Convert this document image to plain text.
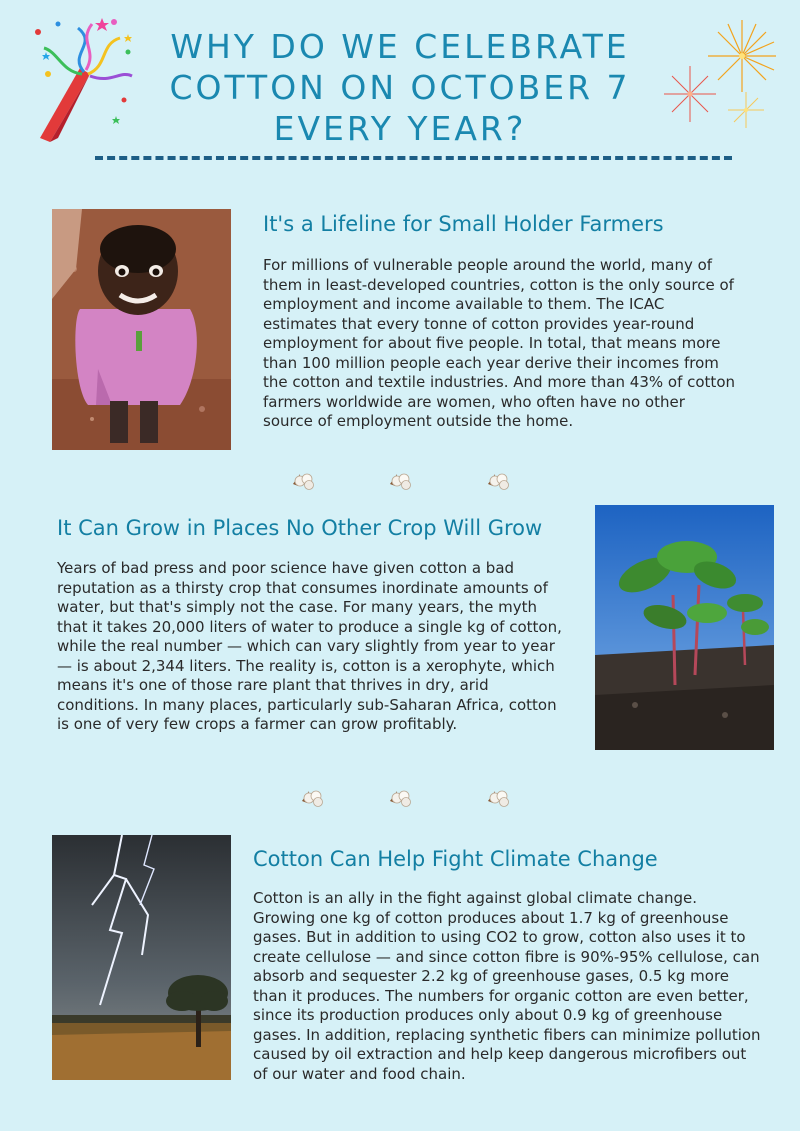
WHY DO WE CELEBRATE
COTTON ON OCTOBER 7
EVERY YEAR?
It's a Lifeline for Small Holder Farmers

For millions of vulnerable people around the world, many of them in least-developed countries, cotton is the only source of employment and income available to them. The ICAC estimates that every tonne of cotton provides year-round employment for about five people. In total, that means more than 100 million people each year derive their incomes from the cotton and textile industries. And more than 43% of cotton farmers worldwide are women, who often have no other source of employment outside the home.

It Can Grow in Places No Other Crop Will Grow

Years of bad press and poor science have given cotton a bad reputation as a thirsty crop that consumes inordinate amounts of water, but that's simply not the case. For many years, the myth that it takes 20,000 liters of water to produce a single kg of cotton, while the real number — which can vary slightly from year to year — is about 2,344 liters. The reality is, cotton is a xerophyte, which means it's one of those rare plant that thrives in dry, arid conditions. In many places, particularly sub-Saharan Africa, cotton is one of very few crops a farmer can grow profitably.

Cotton Can Help Fight Climate Change

Cotton is an ally in the fight against global climate change. Growing one kg of cotton produces about 1.7 kg of greenhouse gases. But in addition to using CO2 to grow, cotton also uses it to create cellulose — and since cotton fibre is 90%-95% cellulose, can absorb and sequester 2.2 kg of greenhouse gases, 0.5 kg more than it produces. The numbers for organic cotton are even better, since its production produces only about 0.9 kg of greenhouse gases. In addition, replacing synthetic fibers can minimize pollution caused by oil extraction and help keep dangerous microfibers out of our water and food chain.
